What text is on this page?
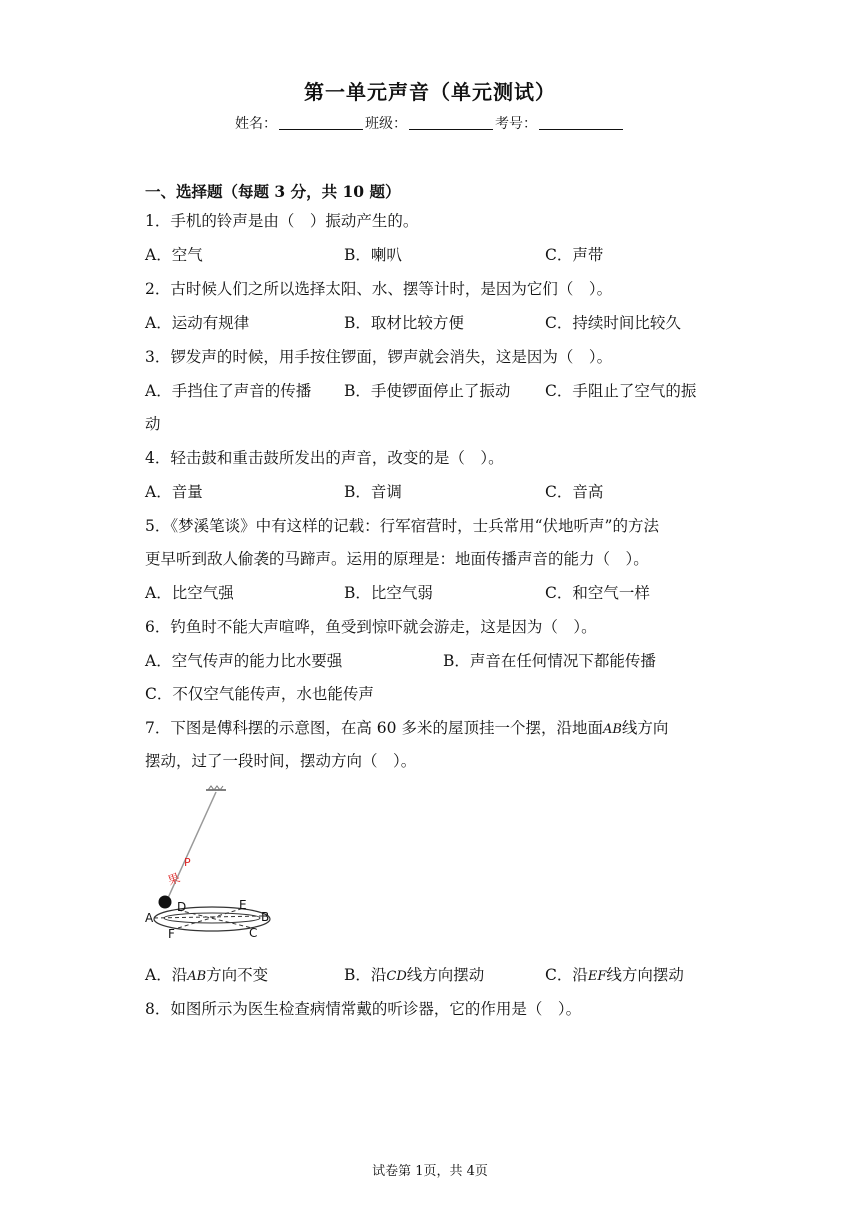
第一单元声音（单元测试）
姓名：	班级：	考号：
一、选择题（每题 3 分，共 10 题）
1．手机的铃声是由（　）振动产生的。
A．空气	B．喇叭	C．声带
2．古时候人们之所以选择太阳、水、摆等计时，是因为它们（　）。
A．运动有规律	B．取材比较方便	C．持续时间比较久
3．锣发声的时候，用手按住锣面，锣声就会消失，这是因为（　）。
A．手挡住了声音的传播 B．手使锣面停止了振动 C．手阻止了空气的振
动
4．轻击鼓和重击鼓所发出的声音，改变的是（　）。
A．音量	B．音调	C．音高
5．《梦溪笔谈》中有这样的记载：行军宿营时，士兵常用“伏地听声”的方法
更早听到敌人偷袭的马蹄声。运用的原理是：地面传播声音的能力（　）。
A．比空气强	B．比空气弱	C．和空气一样
6．钓鱼时不能大声喧哗，鱼受到惊吓就会游走，这是因为（　）。
A．空气传声的能力比水要强	B．声音在任何情况下都能传播
C．不仅空气能传声，水也能传声
7．下图是傅科摆的示意图，在高 60 多米的屋顶挂一个摆，沿地面AB线方向
摆动，过了一段时间，摆动方向（　）。
P
果
A
D	E
B
F	C
A．沿AB方向不变	B．沿CD线方向摆动	C．沿EF线方向摆动
8．如图所示为医生检查病情常戴的听诊器，它的作用是（　）。
试卷第 1页，共 4页
